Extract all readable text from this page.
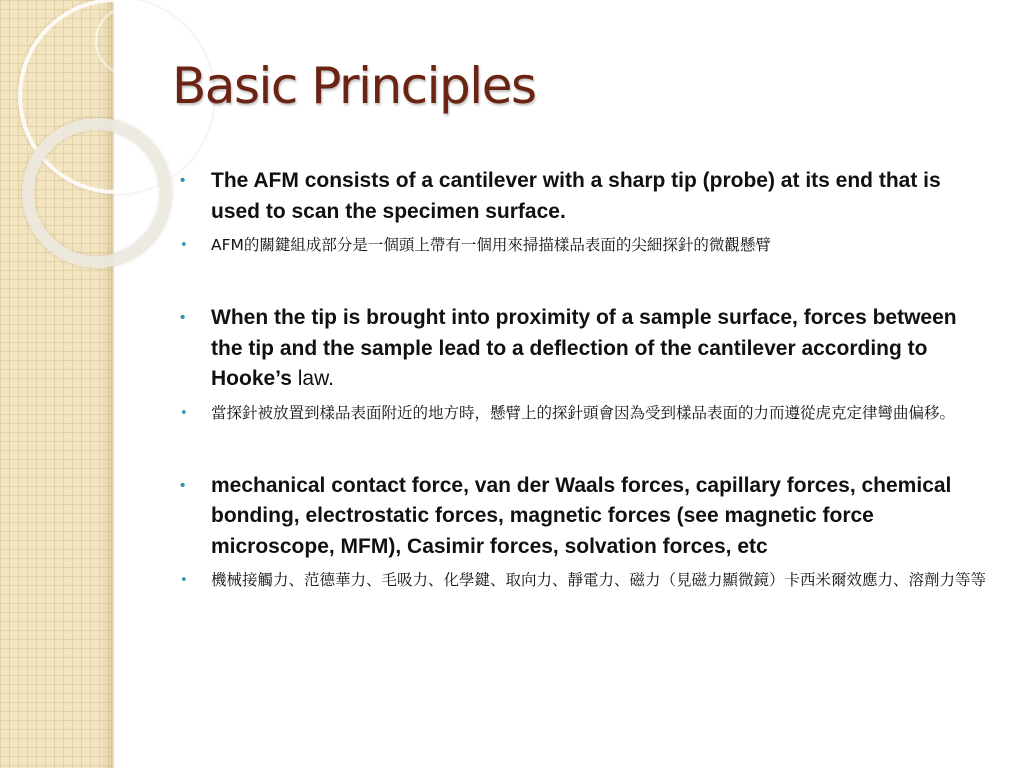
Basic Principles
• The AFM consists of a cantilever with a sharp tip (probe) at its end that is used to scan the specimen surface.
• AFM的關鍵組成部分是一個頭上帶有一個用來掃描樣品表面的尖細探針的微觀懸臂
• When the tip is brought into proximity of a sample surface, forces between the tip and the sample lead to a deflection of the cantilever according to Hooke’s law.
• 當探針被放置到樣品表面附近的地方時，懸臂上的探針頭會因為受到樣品表面的力而遵從虎克定律彎曲偏移。
• mechanical contact force, van der Waals forces, capillary forces, chemical bonding, electrostatic forces, magnetic forces (see magnetic force microscope, MFM), Casimir forces, solvation forces, etc
• 機械接觸力、范德華力、毛吸力、化學鍵、取向力、靜電力、磁力（見磁力顯微鏡）卡西米爾效應力、溶劑力等等
